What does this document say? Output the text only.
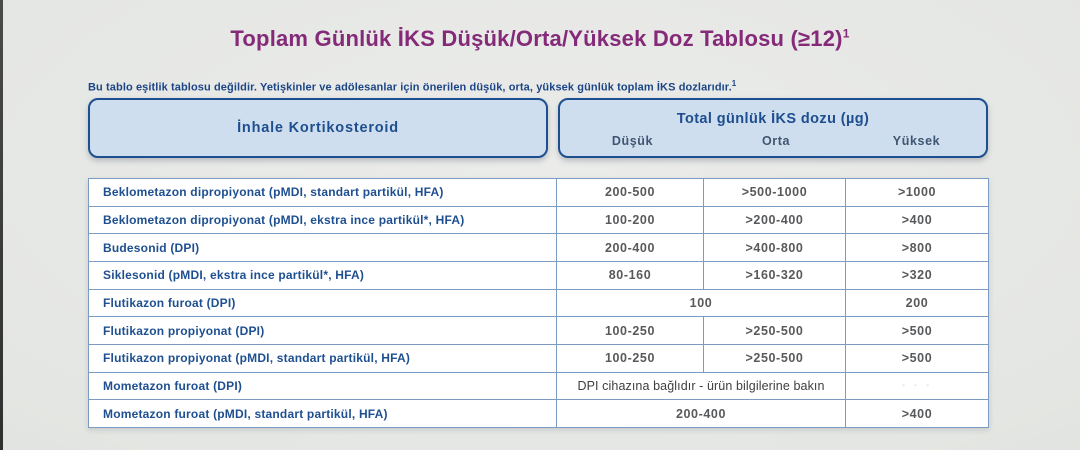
Toplam Günlük İKS Düşük/Orta/Yüksek Doz Tablosu (≥12)$^1$
Bu tablo eşitlik tablosu değildir. Yetişkinler ve adölesanlar için önerilen düşük, orta, yüksek günlük toplam İKS dozlarıdır.$^1$
İnhale Kortikosteroid
Total günlük İKS dozu (µg)
Düşük	Orta	Yüksek
Beklometazon dipropiyonat (pMDI, standart partikül, HFA)	200-500	>500-1000	>1000
Beklometazon dipropiyonat (pMDI, ekstra ince partikül*, HFA)	100-200	>200-400	>400
Budesonid (DPI)	200-400	>400-800	>800
Siklesonid (pMDI, ekstra ince partikül*, HFA)	80-160	>160-320	>320
Flutikazon furoat (DPI)	100		200
Flutikazon propiyonat (DPI)	100-250	>250-500	>500
Flutikazon propiyonat (pMDI, standart partikül, HFA)	100-250	>250-500	>500
Mometazon furoat (DPI)	DPI cihazına bağlıdır - ürün bilgilerine bakın		- - -
Mometazon furoat (pMDI, standart partikül, HFA)	200-400		>400
